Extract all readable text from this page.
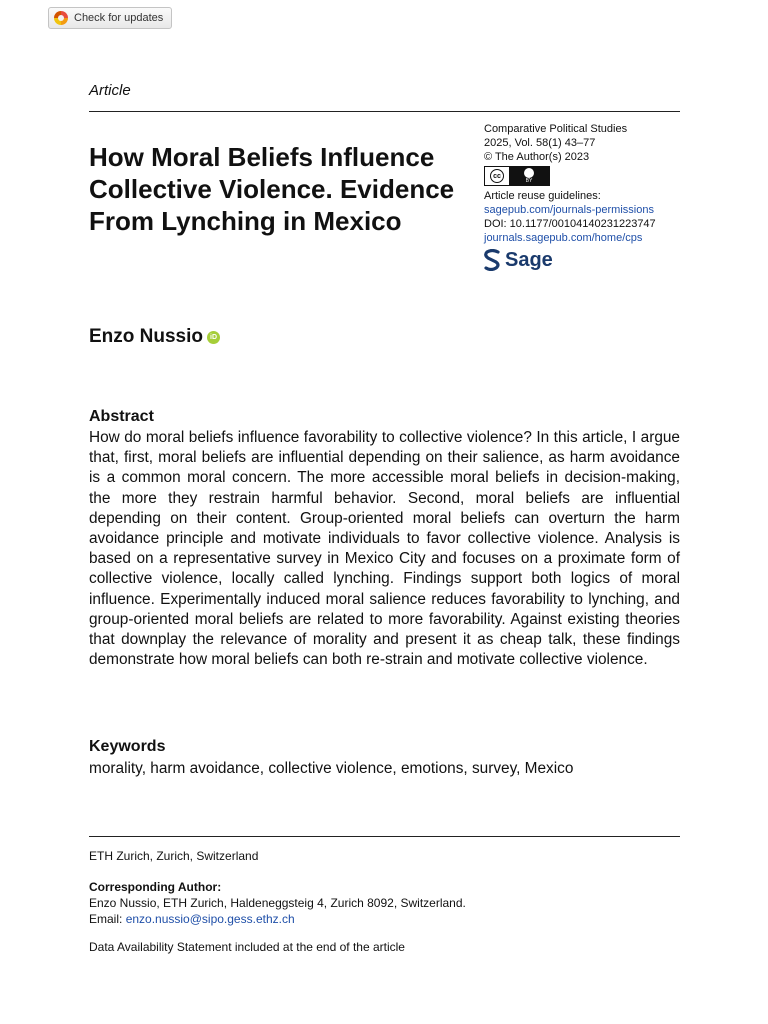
Check for updates
Article
How Moral Beliefs Influence Collective Violence. Evidence From Lynching in Mexico
Comparative Political Studies
2025, Vol. 58(1) 43–77
© The Author(s) 2023
cc
BY
Article reuse guidelines:
sagepub.com/journals-permissions
DOI: 10.1177/00104140231223747
journals.sagepub.com/home/cps
Sage
Enzo Nussio	iD
Abstract
How do moral beliefs influence favorability to collective violence? In this article, I argue that, first, moral beliefs are influential depending on their salience, as harm avoidance is a common moral concern. The more accessible moral beliefs in decision-making, the more they restrain harmful behavior. Second, moral beliefs are influential depending on their content. Group-oriented moral beliefs can overturn the harm avoidance principle and motivate individuals to favor collective violence. Analysis is based on a representative survey in Mexico City and focuses on a proximate form of collective violence, locally called lynching. Findings support both logics of moral influence. Experimentally induced moral salience reduces favorability to lynching, and group-oriented moral beliefs are related to more favorability. Against existing theories that downplay the relevance of morality and present it as cheap talk, these findings demonstrate how moral beliefs can both re-strain and motivate collective violence.
Keywords
morality, harm avoidance, collective violence, emotions, survey, Mexico
ETH Zurich, Zurich, Switzerland
Corresponding Author:
Enzo Nussio, ETH Zurich, Haldeneggsteig 4, Zurich 8092, Switzerland.
Email: enzo.nussio@sipo.gess.ethz.ch
Data Availability Statement included at the end of the article
